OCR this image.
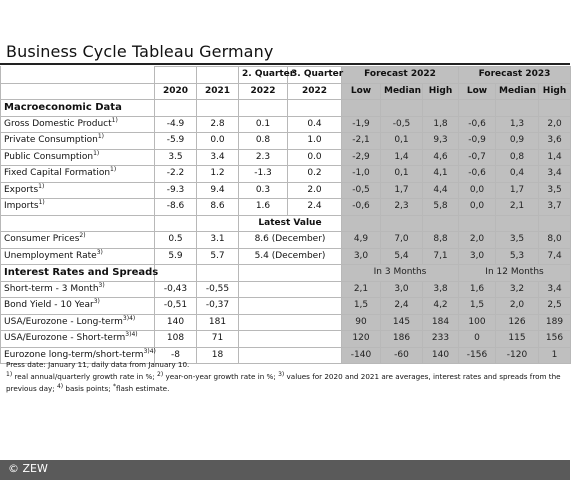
Business Cycle Tableau Germany
			2. Quarter	3. Quarter	Forecast 2022			Forecast 2023		
	2020	2021	2022	2022	Low	Median	High	Low	Median	High
Macroeconomic Data										
Gross Domestic Product$^{1)}$	-4.9	2.8	0.1	0.4	-1,9	-0,5	1,8	-0,6	1,3	2,0
Private Consumption$^{1)}$	-5.9	0.0	0.8	1.0	-2,1	0,1	9,3	-0,9	0,9	3,6
Public Consumption$^{1)}$	3.5	3.4	2.3	0.0	-2,9	1,4	4,6	-0,7	0,8	1,4
Fixed Capital Formation$^{1)}$	-2.2	1.2	-1.3	0.2	-1,0	0,1	4,1	-0,6	0,4	3,4
Exports$^{1)}$	-9.3	9.4	0.3	2.0	-0,5	1,7	4,4	0,0	1,7	3,5
Imports$^{1)}$	-8.6	8.6	1.6	2.4	-0,6	2,3	5,8	0,0	2,1	3,7
			Latest Value							
Consumer Prices$^{2)}$	0.5	3.1	8.6 (December)		4,9	7,0	8,8	2,0	3,5	8,0
Unemployment Rate$^{3)}$	5.9	5.7	5.4 (December)		3,0	5,4	7,1	3,0	5,3	7,4
Interest Rates and Spreads					In 3 Months			In 12 Months		
Short-term - 3 Month$^{3)}$	-0,43	-0,55			2,1	3,0	3,8	1,6	3,2	3,4
Bond Yield - 10 Year$^{3)}$	-0,51	-0,37			1,5	2,4	4,2	1,5	2,0	2,5
USA/Eurozone - Long-term$^{3)4)}$	140	181			90	145	184	100	126	189
USA/Eurozone - Short-term$^{3)4)}$	108	71			120	186	233	0	115	156
Eurozone long-term/short-term$^{3)4)}$	-8	18			-140	-60	140	-156	-120	1
Press date: January 11, daily data from January 10.
$^{1)}$ real annual/quarterly growth rate in %; $^{2)}$ year-on-year growth rate in %; $^{3)}$ values for 2020 and 2021 are averages, interest rates and spreads from the
previous day; $^{4)}$ basis points; *flash estimate.
© ZEW
